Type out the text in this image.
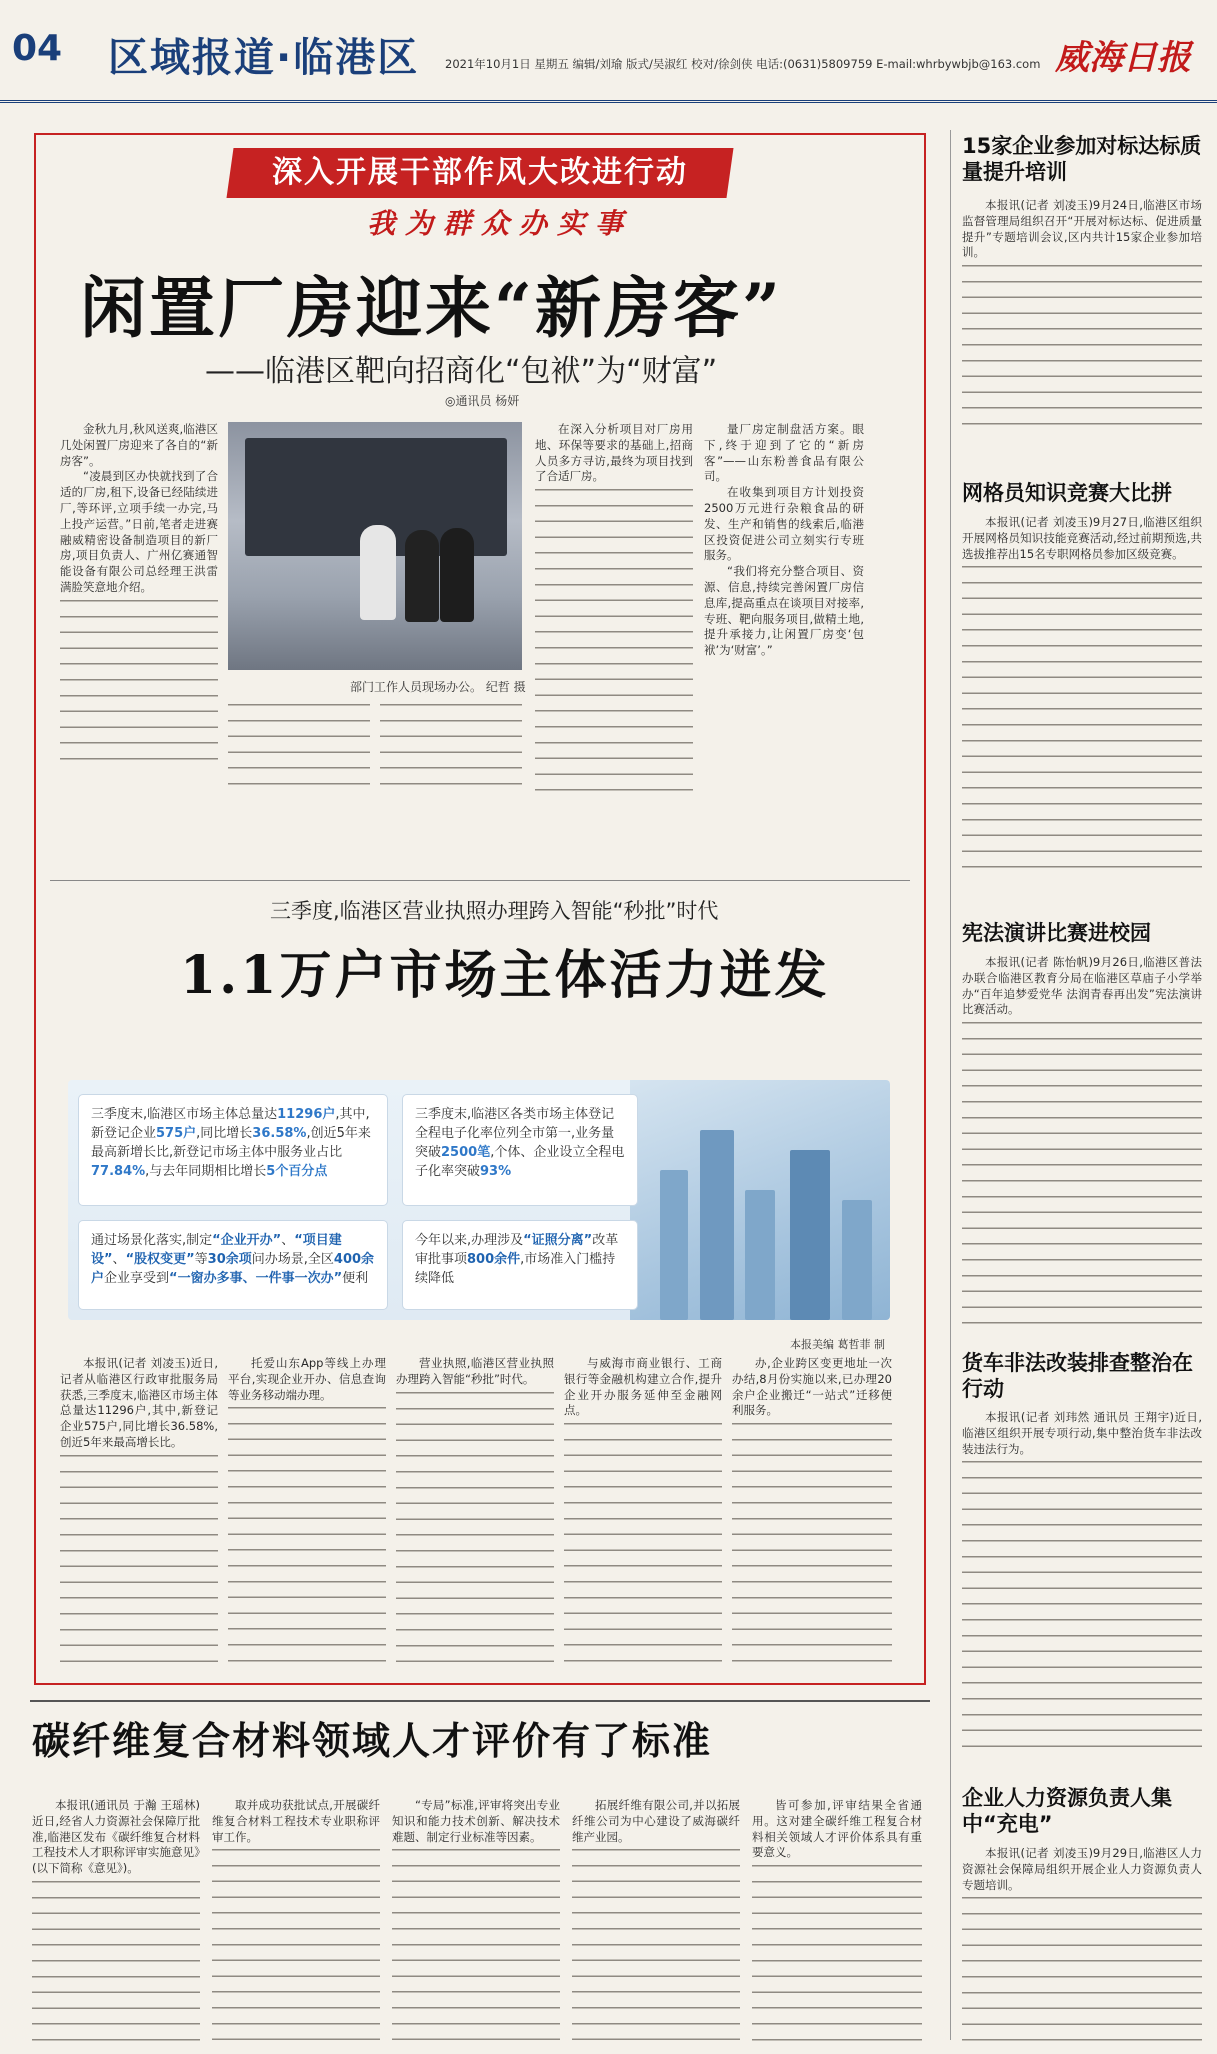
04 区域报道·临港区 2021年10月1日 星期五 编辑/刘瑜 版式/吴淑红 校对/徐剑侠 电话:(0631)5809759 E-mail:whrbywbjb@163.com 威海日报
深入开展干部作风大改进行动
我为群众办实事
闲置厂房迎来“新房客”
——临港区靶向招商化“包袱”为“财富”
◎通讯员 杨妍

金秋九月,秋风送爽,临港区几处闲置厂房迎来了各自的“新房客”。

“凌晨到区办快就找到了合适的厂房,租下,设备已经陆续进厂,等环评,立项手续一办完,马上投产运营。”日前,笔者走进赛融威精密设备制造项目的新厂房,项目负责人、广州亿赛通智能设备有限公司总经理王洪雷满脸笑意地介绍。

部门工作人员现场办公。 纪哲 摄

在深入分析项目对厂房用地、环保等要求的基础上,招商人员多方寻访,最终为项目找到了合适厂房。

量厂房定制盘活方案。眼下,终于迎到了它的“新房客”——山东粉善食品有限公司。

在收集到项目方计划投资2500万元进行杂粮食品的研发、生产和销售的线索后,临港区投资促进公司立刻实行专班服务。

“我们将充分整合项目、资源、信息,持续完善闲置厂房信息库,提高重点在谈项目对接率,专班、靶向服务项目,做精土地,提升承接力,让闲置厂房变‘包袱’为‘财富’。”

三季度,临港区营业执照办理跨入智能“秒批”时代
1.1万户市场主体活力迸发
三季度末,临港区市场主体总量达11296户,其中,新登记企业575户,同比增长36.58%,创近5年来最高新增长比,新登记市场主体中服务业占比77.84%,与去年同期相比增长5个百分点
三季度末,临港区各类市场主体登记全程电子化率位列全市第一,业务量突破2500笔,个体、企业设立全程电子化率突破93%
通过场景化落实,制定“企业开办”、“项目建设”、“股权变更”等30余项问办场景,全区400余户企业享受到“一窗办多事、一件事一次办”便利
今年以来,办理涉及“证照分离”改革审批事项800余件,市场准入门槛持续降低
本报美编 葛哲菲 制

本报讯(记者 刘凌玉)近日,记者从临港区行政审批服务局获悉,三季度末,临港区市场主体总量达11296户,其中,新登记企业575户,同比增长36.58%,创近5年来最高增长比。

托爱山东App等线上办理平台,实现企业开办、信息查询等业务移动端办理。

营业执照,临港区营业执照办理跨入智能“秒批”时代。

与威海市商业银行、工商银行等金融机构建立合作,提升企业开办服务延伸至金融网点。

办,企业跨区变更地址一次办结,8月份实施以来,已办理20余户企业搬迁“一站式”迁移便利服务。

碳纤维复合材料领域人才评价有了标准

本报讯(通讯员 于瀚 王瑶林)近日,经省人力资源社会保障厅批准,临港区发布《碳纤维复合材料工程技术人才职称评审实施意见》(以下简称《意见》)。

取并成功获批试点,开展碳纤维复合材料工程技术专业职称评审工作。

“专局”标准,评审将突出专业知识和能力技术创新、解决技术难题、制定行业标准等因素。

拓展纤维有限公司,并以拓展纤维公司为中心建设了威海碳纤维产业园。

皆可参加,评审结果全省通用。这对建全碳纤维工程复合材料相关领域人才评价体系具有重要意义。

15家企业参加对标达标质量提升培训

本报讯(记者 刘凌玉)9月24日,临港区市场监督管理局组织召开“开展对标达标、促进质量提升”专题培训会议,区内共计15家企业参加培训。

网格员知识竞赛大比拼

本报讯(记者 刘凌玉)9月27日,临港区组织开展网格员知识技能竞赛活动,经过前期预选,共选拔推荐出15名专职网格员参加区级竞赛。

宪法演讲比赛进校园

本报讯(记者 陈怡帆)9月26日,临港区普法办联合临港区教育分局在临港区草庙子小学举办“百年追梦爱党华 法润青春再出发”宪法演讲比赛活动。

货车非法改装排查整治在行动

本报讯(记者 刘玮然 通讯员 王翔宇)近日,临港区组织开展专项行动,集中整治货车非法改装违法行为。

企业人力资源负责人集中“充电”

本报讯(记者 刘凌玉)9月29日,临港区人力资源社会保障局组织开展企业人力资源负责人专题培训。
